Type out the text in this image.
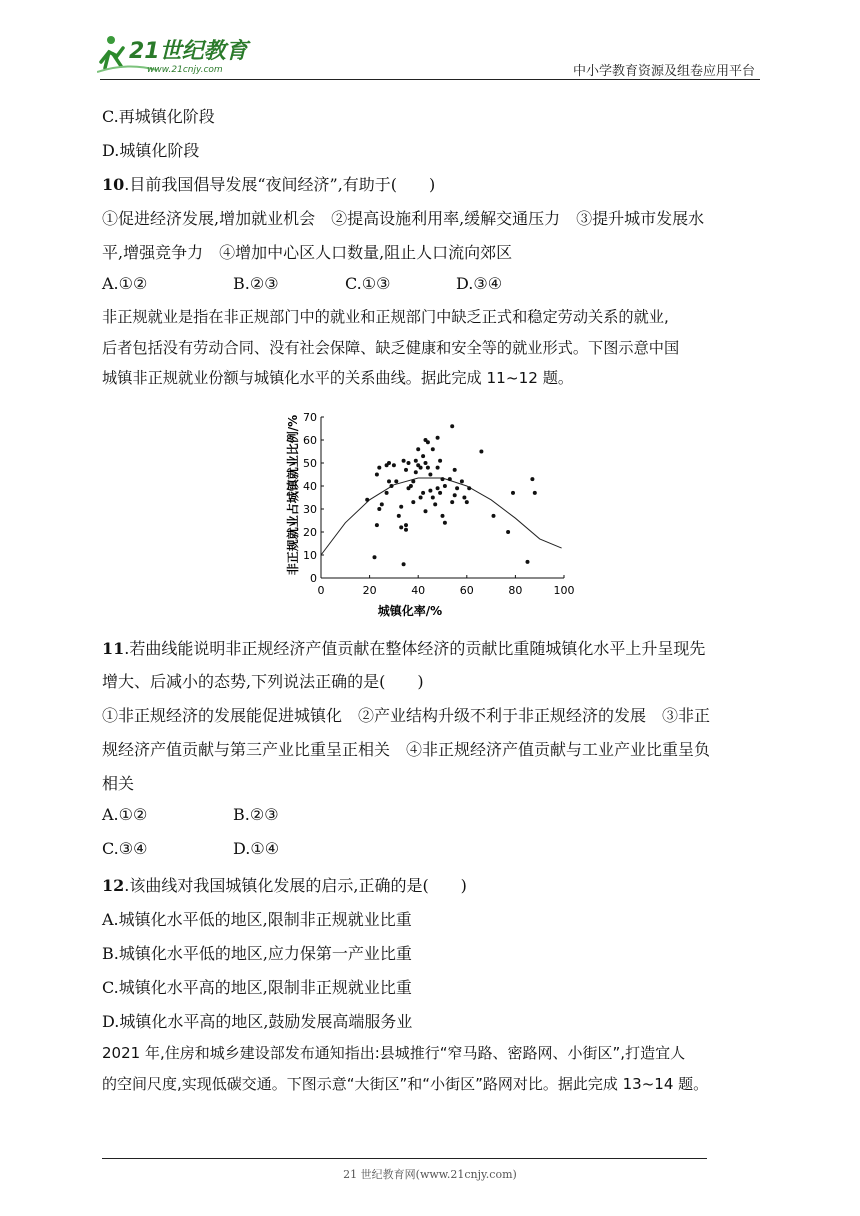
21世纪教育
www.21cnjy.com	中小学教育资源及组卷应用平台
C.再城镇化阶段
D.城镇化阶段
10.目前我国倡导发展“夜间经济”,有助于(　　)
①促进经济发展,增加就业机会　②提高设施利用率,缓解交通压力　③提升城市发展水
平,增强竞争力　④增加中心区人口数量,阻止人口流向郊区
A.①②	B.②③	C.①③	D.③④
非正规就业是指在非正规部门中的就业和正规部门中缺乏正式和稳定劳动关系的就业,
后者包括没有劳动合同、没有社会保障、缺乏健康和安全等的就业形式。下图示意中国
城镇非正规就业份额与城镇化水平的关系曲线。据此完成 11~12 题。
0	20	40	60	80	100
0
10
20
30
40
50
60
70
城镇化率/%
非正规就业占城镇就业比例/%
11.若曲线能说明非正规经济产值贡献在整体经济的贡献比重随城镇化水平上升呈现先
增大、后减小的态势,下列说法正确的是(　　)
①非正规经济的发展能促进城镇化　②产业结构升级不利于非正规经济的发展　③非正
规经济产值贡献与第三产业比重呈正相关　④非正规经济产值贡献与工业产业比重呈负
相关
A.①②	B.②③
C.③④	D.①④
12.该曲线对我国城镇化发展的启示,正确的是(　　)
A.城镇化水平低的地区,限制非正规就业比重
B.城镇化水平低的地区,应力保第一产业比重
C.城镇化水平高的地区,限制非正规就业比重
D.城镇化水平高的地区,鼓励发展高端服务业
2021 年,住房和城乡建设部发布通知指出:县城推行“窄马路、密路网、小街区”,打造宜人
的空间尺度,实现低碳交通。下图示意“大街区”和“小街区”路网对比。据此完成 13~14 题。
21 世纪教育网(www.21cnjy.com)
